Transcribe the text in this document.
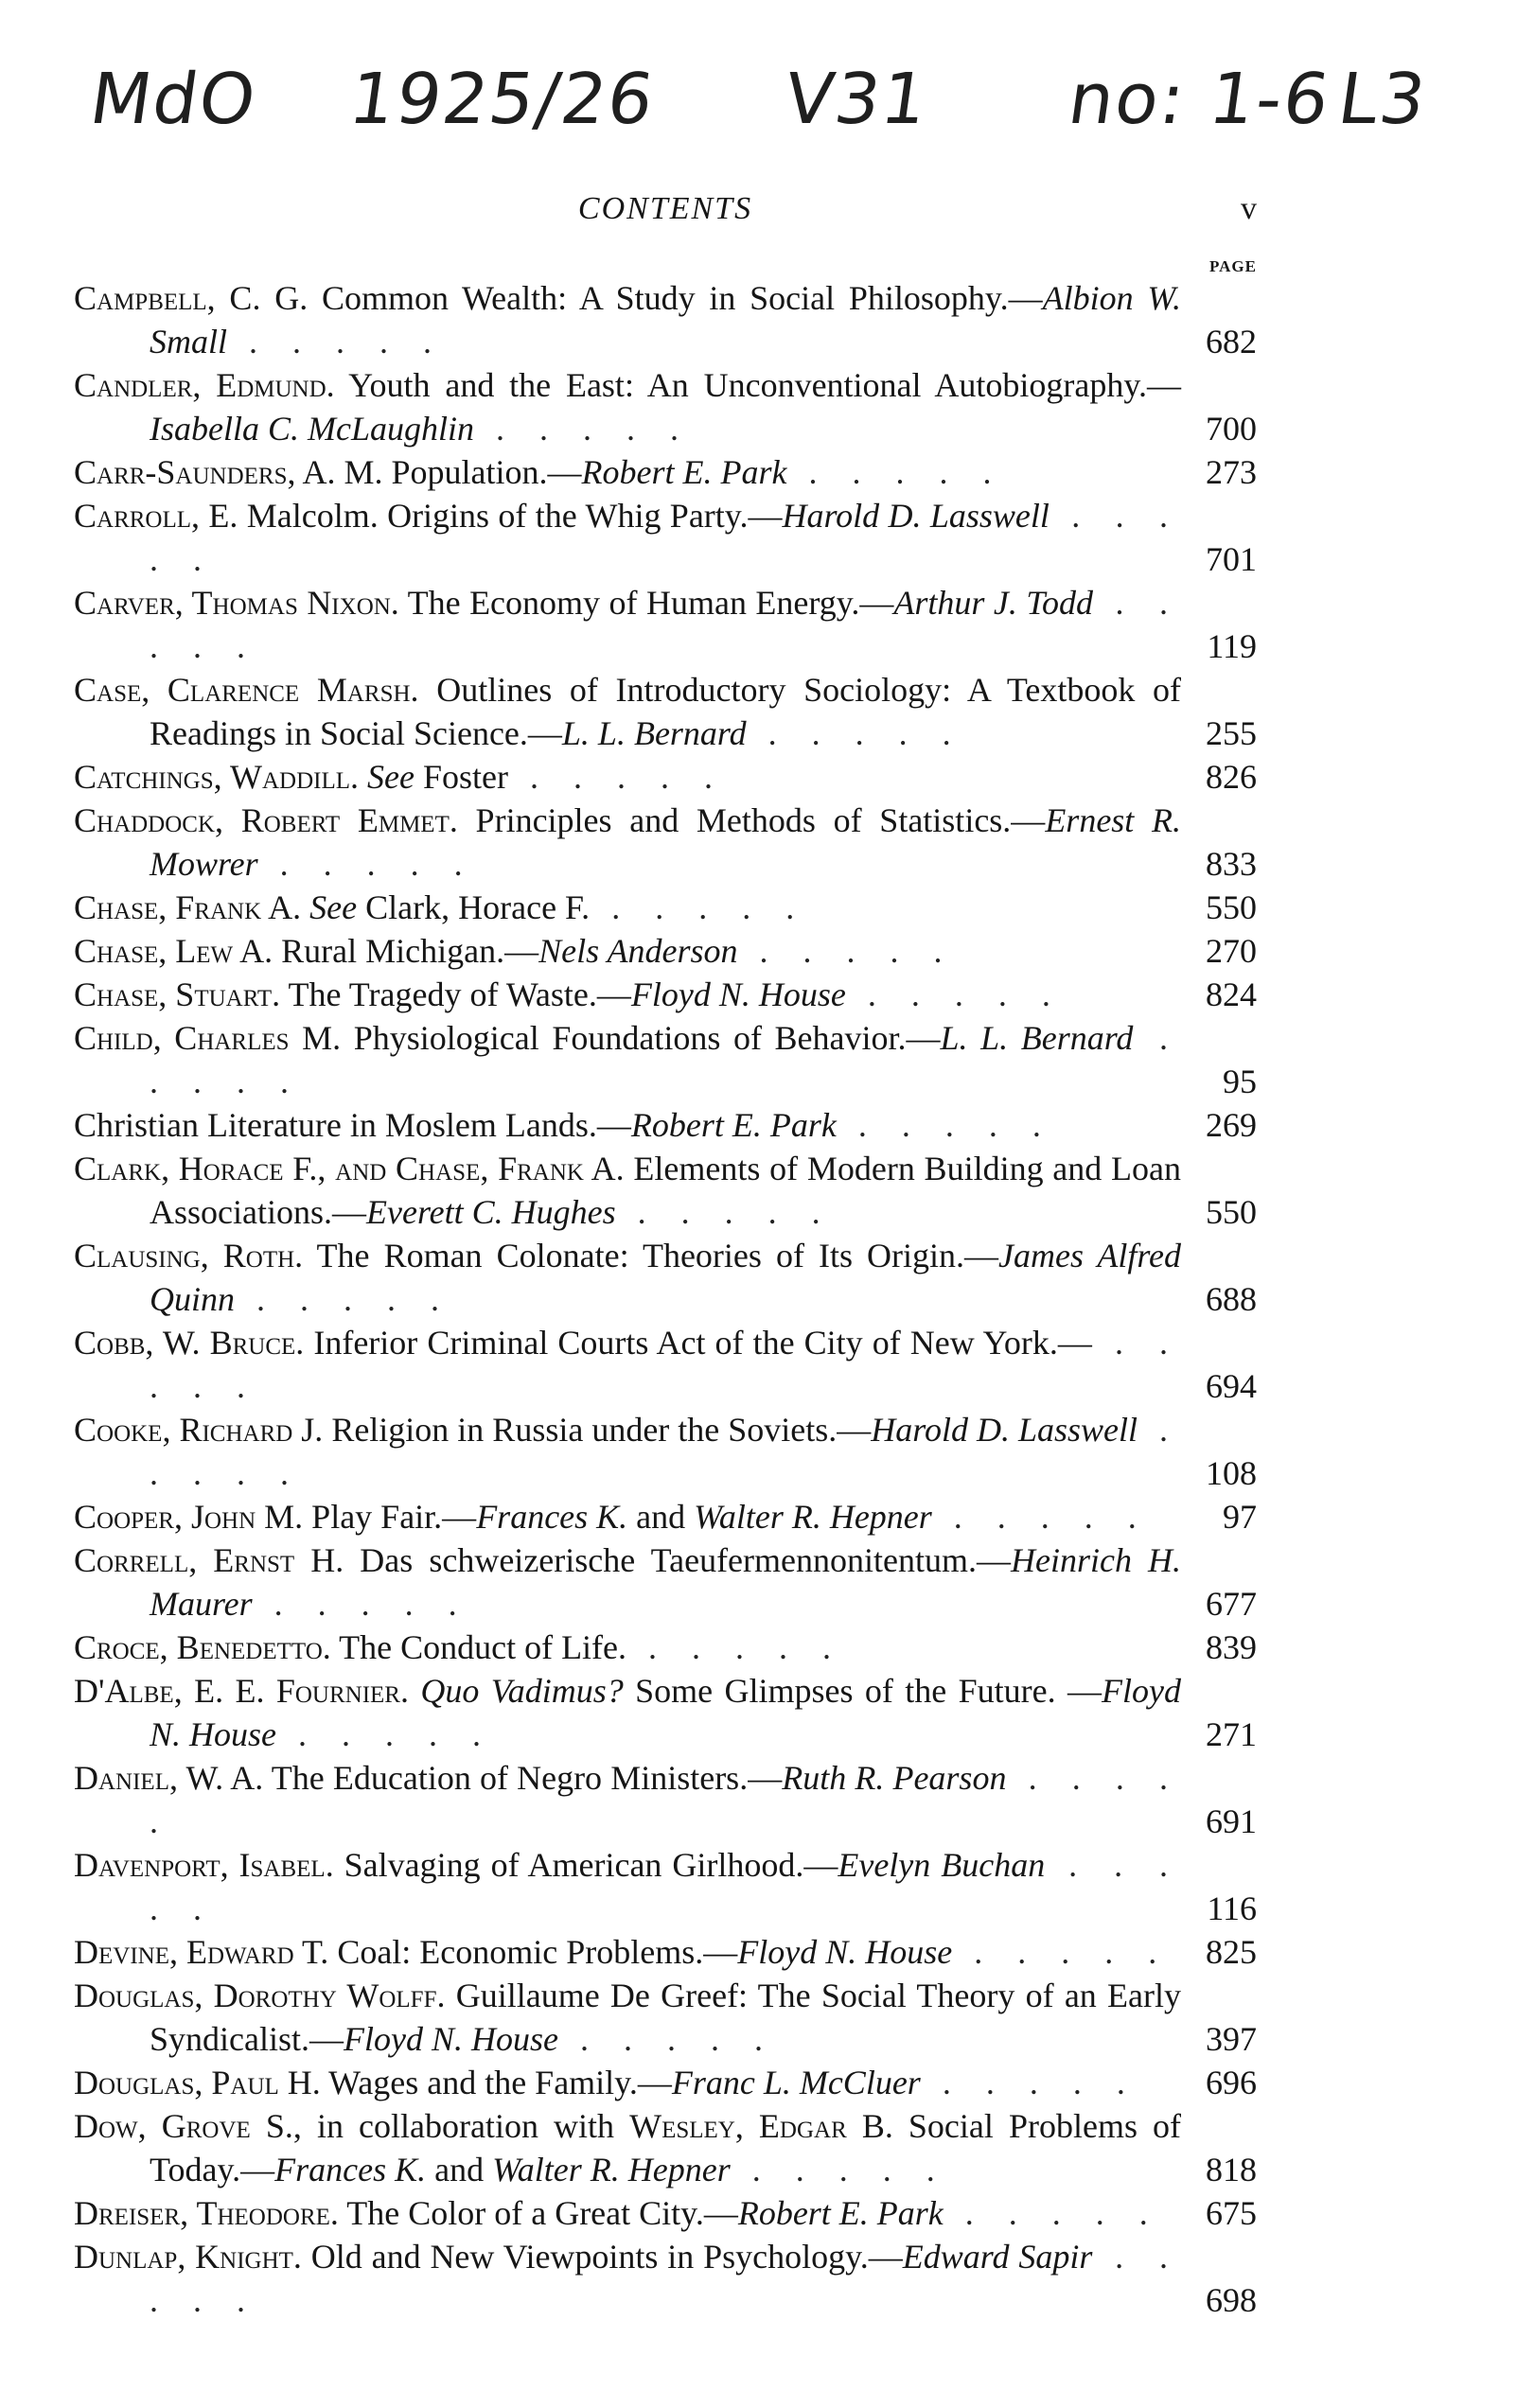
MdO 1925/26 V31 no: 1-6
L3
CONTENTS	v
PAGE
Campbell, C. G. Common Wealth: A Study in Social Philosophy.—Albion W. Small . . . . .	682
Candler, Edmund. Youth and the East: An Unconventional Autobiography.—Isabella C. McLaughlin . . . . .	700
Carr-Saunders, A. M. Population.—Robert E. Park . . . . .	273
Carroll, E. Malcolm. Origins of the Whig Party.—Harold D. Lasswell . . . . .	701
Carver, Thomas Nixon. The Economy of Human Energy.—Arthur J. Todd . . . . .	119
Case, Clarence Marsh. Outlines of Introductory Sociology: A Textbook of Readings in Social Science.—L. L. Bernard . . . . .	255
Catchings, Waddill. See Foster . . . . .	826
Chaddock, Robert Emmet. Principles and Methods of Statistics.—Ernest R. Mowrer . . . . .	833
Chase, Frank A. See Clark, Horace F. . . . . .	550
Chase, Lew A. Rural Michigan.—Nels Anderson . . . . .	270
Chase, Stuart. The Tragedy of Waste.—Floyd N. House . . . . .	824
Child, Charles M. Physiological Foundations of Behavior.—L. L. Bernard . . . . .	95
Christian Literature in Moslem Lands.—Robert E. Park . . . . .	269
Clark, Horace F., and Chase, Frank A. Elements of Modern Building and Loan Associations.—Everett C. Hughes . . . . .	550
Clausing, Roth. The Roman Colonate: Theories of Its Origin.—James Alfred Quinn . . . . .	688
Cobb, W. Bruce. Inferior Criminal Courts Act of the City of New York.— . . . . .	694
Cooke, Richard J. Religion in Russia under the Soviets.—Harold D. Lasswell . . . . .	108
Cooper, John M. Play Fair.—Frances K. and Walter R. Hepner . . . . .	97
Correll, Ernst H. Das schweizerische Taeufermennonitentum.—Heinrich H. Maurer . . . . .	677
Croce, Benedetto. The Conduct of Life. . . . . .	839
D'Albe, E. E. Fournier. Quo Vadimus? Some Glimpses of the Future. —Floyd N. House . . . . .	271
Daniel, W. A. The Education of Negro Ministers.—Ruth R. Pearson . . . . .	691
Davenport, Isabel. Salvaging of American Girlhood.—Evelyn Buchan . . . . .	116
Devine, Edward T. Coal: Economic Problems.—Floyd N. House . . . . .	825
Douglas, Dorothy Wolff. Guillaume De Greef: The Social Theory of an Early Syndicalist.—Floyd N. House . . . . .	397
Douglas, Paul H. Wages and the Family.—Franc L. McCluer . . . . .	696
Dow, Grove S., in collaboration with Wesley, Edgar B. Social Problems of Today.—Frances K. and Walter R. Hepner . . . . .	818
Dreiser, Theodore. The Color of a Great City.—Robert E. Park . . . . .	675
Dunlap, Knight. Old and New Viewpoints in Psychology.—Edward Sapir . . . . .	698
